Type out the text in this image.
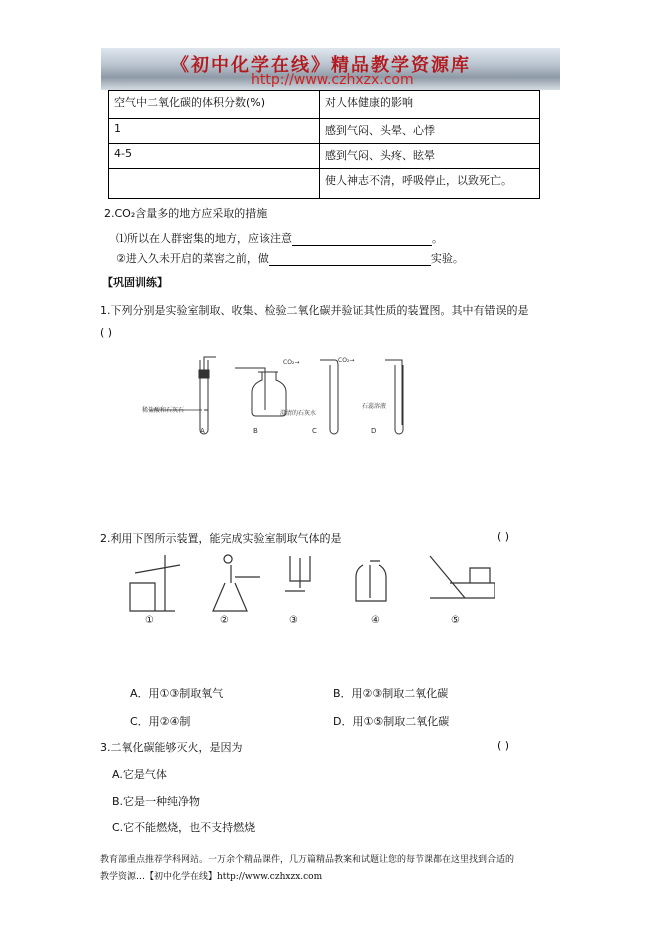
《初中化学在线》精品教学资源库
http://www.czhxzx.com
空气中二氧化碳的体积分数(%)	对人体健康的影响
1	感到气闷、头晕、心悸
4-5	感到气闷、头疼、眩晕
	使人神志不清，呼吸停止，以致死亡。
2.CO₂含量多的地方应采取的措施
⑴所以在人群密集的地方，应该注意	。
②进入久未开启的菜窖之前，做	实验。
【巩固训练】
1.下列分别是实验室制取、收集、检验二氧化碳并验证其性质的装置图。其中有错误的是
( )
稀盐酸和石灰石	澄清的石灰水
石蕊溶液
CO₂→	CO₂→
A	B	C	D
2.利用下图所示装置，能完成实验室制取气体的是	( )
①	②	③	④	⑤
A．用①③制取氧气	B．用②③制取二氧化碳
C．用②④制	D．用①⑤制取二氧化碳
3.二氧化碳能够灭火，是因为	( )
A.它是气体
B.它是一种纯净物
C.它不能燃烧，也不支持燃烧
教育部重点推荐学科网站。一万余个精品课件，几万篇精品教案和试题让您的每节课都在这里找到合适的
教学资源…【初中化学在线】http://www.czhxzx.com
